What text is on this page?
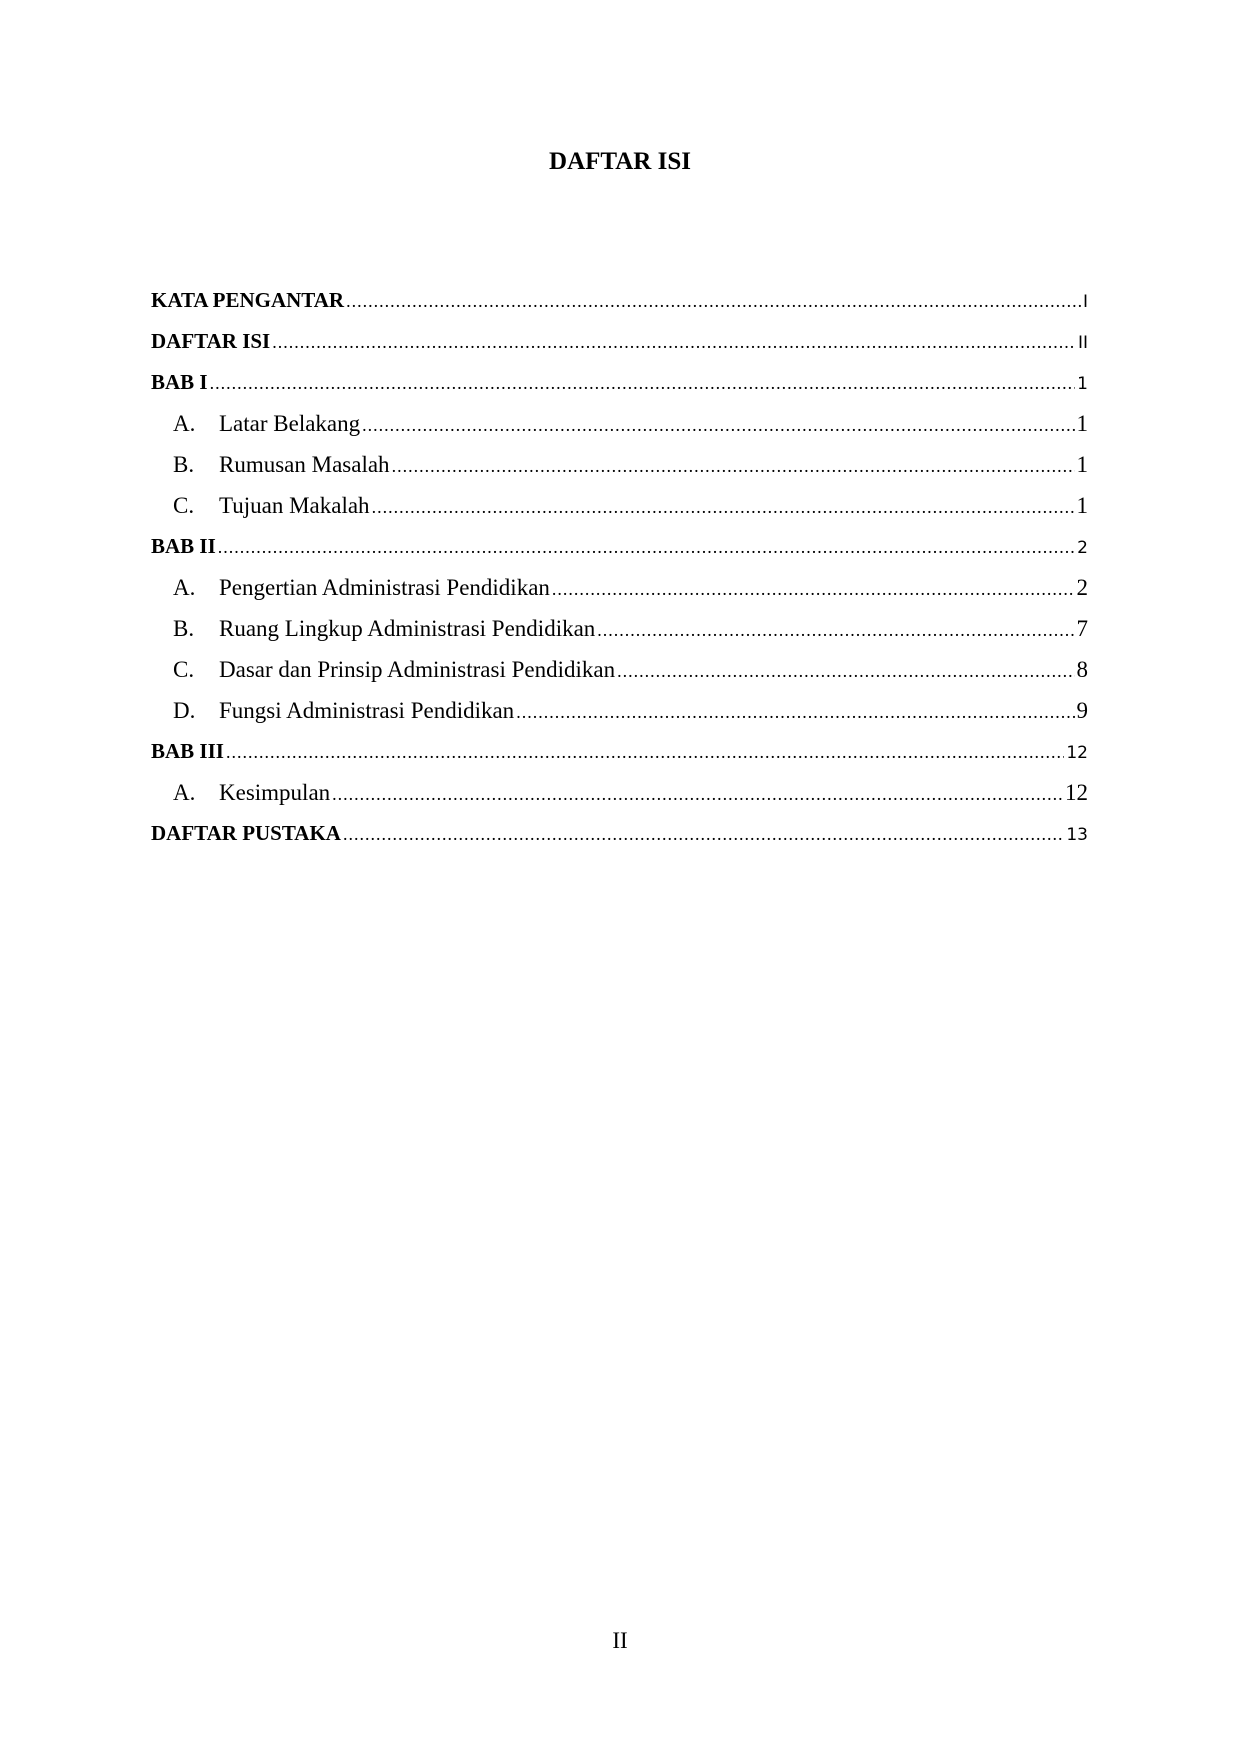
DAFTAR ISI
KATA PENGANTAR .....	I
DAFTAR ISI .....	II
BAB I .....	1
A.	Latar Belakang .....	1
B.	Rumusan Masalah .....	1
C.	Tujuan Makalah .....	1
BAB II .....	2
A.	Pengertian Administrasi Pendidikan .....	2
B.	Ruang Lingkup Administrasi Pendidikan .....	7
C.	Dasar dan Prinsip Administrasi Pendidikan .....	8
D.	Fungsi Administrasi Pendidikan .....	9
BAB III .....	12
A.	Kesimpulan .....	12
DAFTAR PUSTAKA .....	13
II
